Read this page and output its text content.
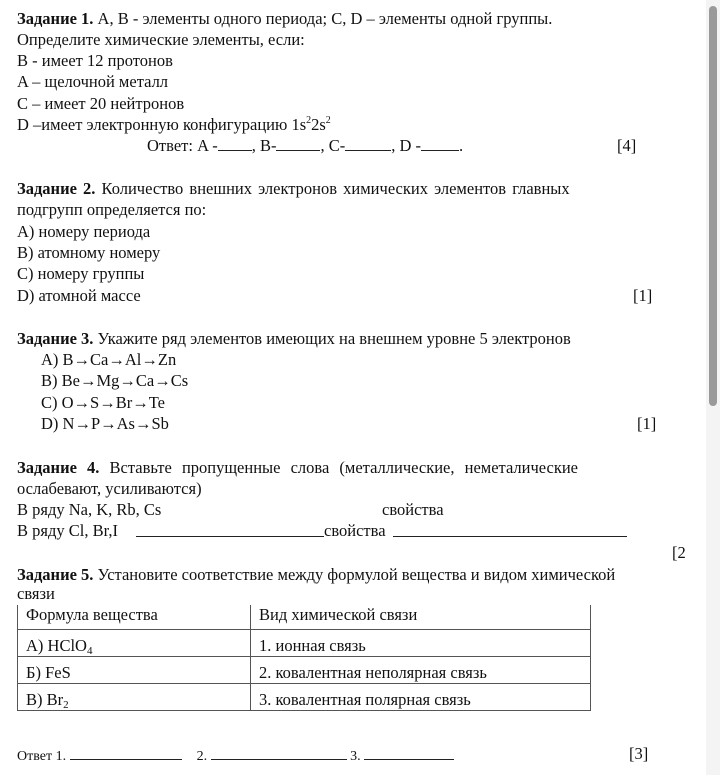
Задание 1. A, B - элементы одного периода; C, D – элементы одной группы.
Определите химические элементы, если:
B - имеет 12 протонов
A – щелочной металл
C – имеет 20 нейтронов
D –имеет электронную конфигурацию $1s^22s^2$
Ответ: A - , B-	, C-	, D - .	[4]
Задание 2. Количество внешних электронов химических элементов главных
подгрупп определяется по:
A) номеру периода
B) атомному номеру
C) номеру группы
D) атомной массе	[1]
Задание 3. Укажите ряд элементов имеющих на внешнем уровне 5 электронов
A) B→Ca→Al→Zn
B) Be→Mg→Ca→Cs
C) O→S→Br→Te
D) N→P→As→Sb	[1]
Задание 4. Вставьте пропущенные слова (металлические, неметалические
ослабевают, усиливаются)
В ряду Na, K, Rb, Cs	свойства
В ряду Cl, Br,I	свойства
[2
Задание 5. Установите соответствие между формулой вещества и видом химической
связи
Формула вещества	Вид химической связи
A) HClO$_4$	1. ионная связь
Б) FeS	2. ковалентная неполярная связь
B) $Br_2$	3. ковалентная полярная связь
Ответ 1.	2.	3.	[3]
